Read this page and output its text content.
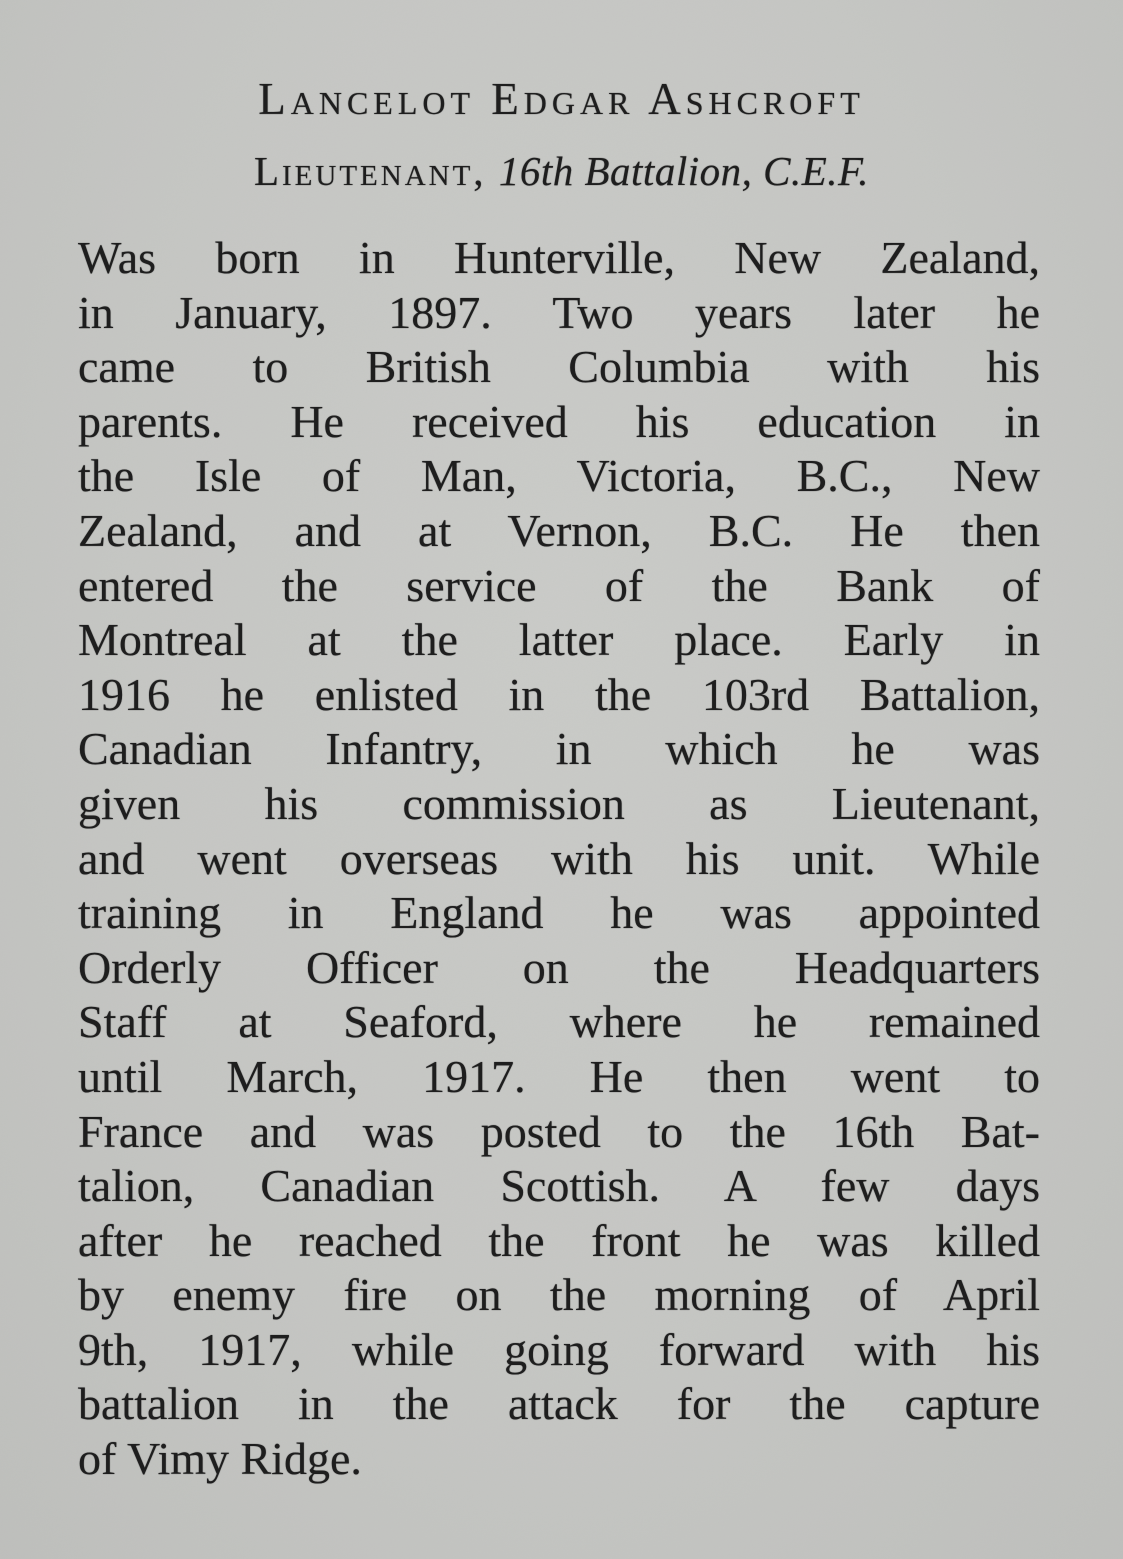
Lancelot Edgar Ashcroft
Lieutenant, 16th Battalion, C.E.F.
Was born in Hunterville, New Zealand,
in January, 1897. Two years later he
came to British Columbia with his
parents. He received his education in
the Isle of Man, Victoria, B.C., New
Zealand, and at Vernon, B.C. He then
entered the service of the Bank of
Montreal at the latter place. Early in
1916 he enlisted in the 103rd Battalion,
Canadian Infantry, in which he was
given his commission as Lieutenant,
and went overseas with his unit. While
training in England he was appointed
Orderly Officer on the Headquarters
Staff at Seaford, where he remained
until March, 1917. He then went to
France and was posted to the 16th Bat-
talion, Canadian Scottish. A few days
after he reached the front he was killed
by enemy fire on the morning of April
9th, 1917, while going forward with his
battalion in the attack for the capture
of Vimy Ridge.
